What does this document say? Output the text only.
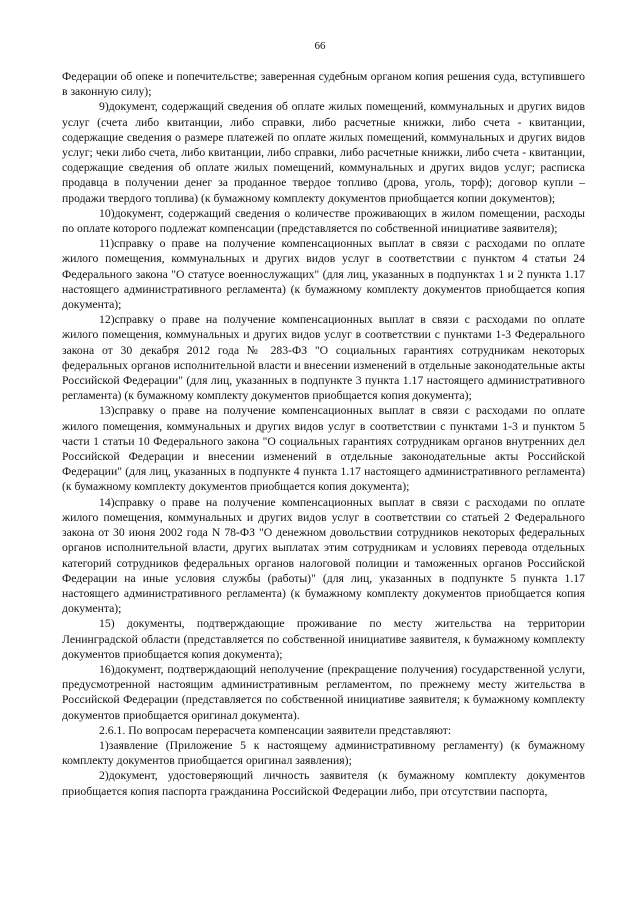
66

Федерации об опеке и попечительстве; заверенная судебным органом копия решения суда, вступившего в законную силу);

9)документ, содержащий сведения об оплате жилых помещений, коммунальных и других видов услуг (счета либо квитанции, либо справки, либо расчетные книжки, либо счета - квитанции, содержащие сведения о размере платежей по оплате жилых помещений, коммунальных и других видов услуг; чеки либо счета, либо квитанции, либо справки, либо расчетные книжки, либо счета - квитанции, содержащие сведения об оплате жилых помещений, коммунальных и других видов услуг; расписка продавца в получении денег за проданное твердое топливо (дрова, уголь, торф); договор купли – продажи твердого топлива) (к бумажному комплекту документов приобщается копии документов);

10)документ, содержащий сведения о количестве проживающих в жилом помещении, расходы по оплате которого подлежат компенсации (представляется по собственной инициативе заявителя);

11)справку о праве на получение компенсационных выплат в связи с расходами по оплате жилого помещения, коммунальных и других видов услуг в соответствии с пунктом 4 статьи 24 Федерального закона "О статусе военнослужащих" (для лиц, указанных в подпунктах 1 и 2 пункта 1.17 настоящего административного регламента) (к бумажному комплекту документов приобщается копия документа);

12)справку о праве на получение компенсационных выплат в связи с расходами по оплате жилого помещения, коммунальных и других видов услуг в соответствии с пунктами 1-3 Федерального закона от 30 декабря 2012 года № 283-ФЗ "О социальных гарантиях сотрудникам некоторых федеральных органов исполнительной власти и внесении изменений в отдельные законодательные акты Российской Федерации" (для лиц, указанных в подпункте 3 пункта 1.17 настоящего административного регламента) (к бумажному комплекту документов приобщается копия документа);

13)справку о праве на получение компенсационных выплат в связи с расходами по оплате жилого помещения, коммунальных и других видов услуг в соответствии с пунктами 1-3 и пунктом 5 части 1 статьи 10 Федерального закона "О социальных гарантиях сотрудникам органов внутренних дел Российской Федерации и внесении изменений в отдельные законодательные акты Российской Федерации" (для лиц, указанных в подпункте 4 пункта 1.17 настоящего административного регламента) (к бумажному комплекту документов приобщается копия документа);

14)справку о праве на получение компенсационных выплат в связи с расходами по оплате жилого помещения, коммунальных и других видов услуг в соответствии со статьей 2 Федерального закона от 30 июня 2002 года N 78-ФЗ "О денежном довольствии сотрудников некоторых федеральных органов исполнительной власти, других выплатах этим сотрудникам и условиях перевода отдельных категорий сотрудников федеральных органов налоговой полиции и таможенных органов Российской Федерации на иные условия службы (работы)" (для лиц, указанных в подпункте 5 пункта 1.17 настоящего административного регламента) (к бумажному комплекту документов приобщается копия документа);

15) документы, подтверждающие проживание по месту жительства на территории Ленинградской области (представляется по собственной инициативе заявителя, к бумажному комплекту документов приобщается копия документа);

16)документ, подтверждающий неполучение (прекращение получения) государственной услуги, предусмотренной настоящим административным регламентом, по прежнему месту жительства в Российской Федерации (представляется по собственной инициативе заявителя; к бумажному комплекту документов приобщается оригинал документа).

2.6.1. По вопросам перерасчета компенсации заявители представляют:

1)заявление (Приложение 5 к настоящему административному регламенту) (к бумажному комплекту документов приобщается оригинал заявления);

2)документ, удостоверяющий личность заявителя (к бумажному комплекту документов приобщается копия паспорта гражданина Российской Федерации либо, при отсутствии паспорта,
